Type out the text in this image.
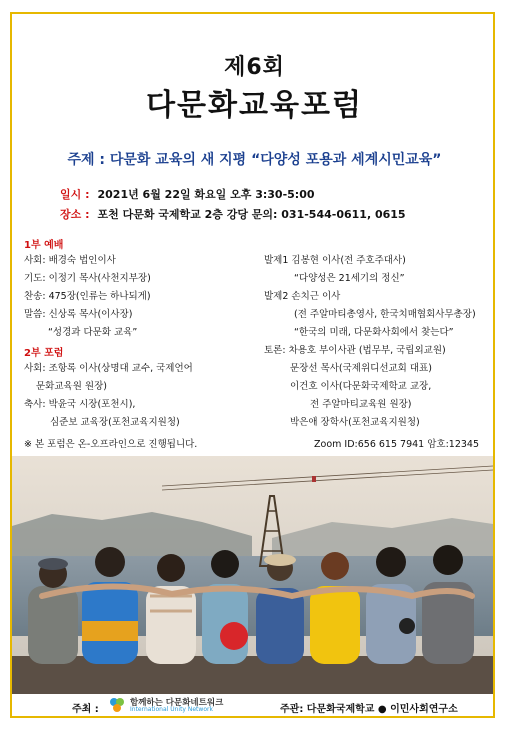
제6회
다문화교육포럼
주제 : 다문화 교육의 새 지평 “다양성 포용과 세계시민교육”
일시 : 2021년 6월 22일 화요일 오후 3:30-5:00
장소 : 포천 다문화 국제학교 2층 강당 문의: 031-544-0611, 0615
1부 예배
사회: 배경숙 법인이사
기도: 이정기 목사(사천지부장)
찬송: 475장(인류는 하나되게)
말씀: 신상록 목사(이사장)
“성경과 다문화 교육”
발제1 김봉현 이사(전 주호주대사)
“다양성은 21세기의 정신”
발제2 손치근 이사
(전 주알마티총영사, 한국치매협회사무총장)
“한국의 미래, 다문화사회에서 찾는다”
2부 포럼
사회: 조항록 이사(상명대 교수, 국제언어
문화교육원 원장)
축사: 박윤국 시장(포천시),
심준보 교육장(포천교육지원청)
토론: 차용호 부이사관 (법무부, 국립외교원)
문장선 목사(국제위디선교회 대표)
이건호 이사(다문화국제학교 교장,
전 주알마티교육원 원장)
박은애 장학사(포천교육지원청)
※ 본 포럼은 온-오프라인으로 진행됩니다.	Zoom ID:656 615 7941 암호:12345
주최 :
함께하는 다문화네트워크
International Unity Network	주관: 다문화국제학교 ● 이민사회연구소
